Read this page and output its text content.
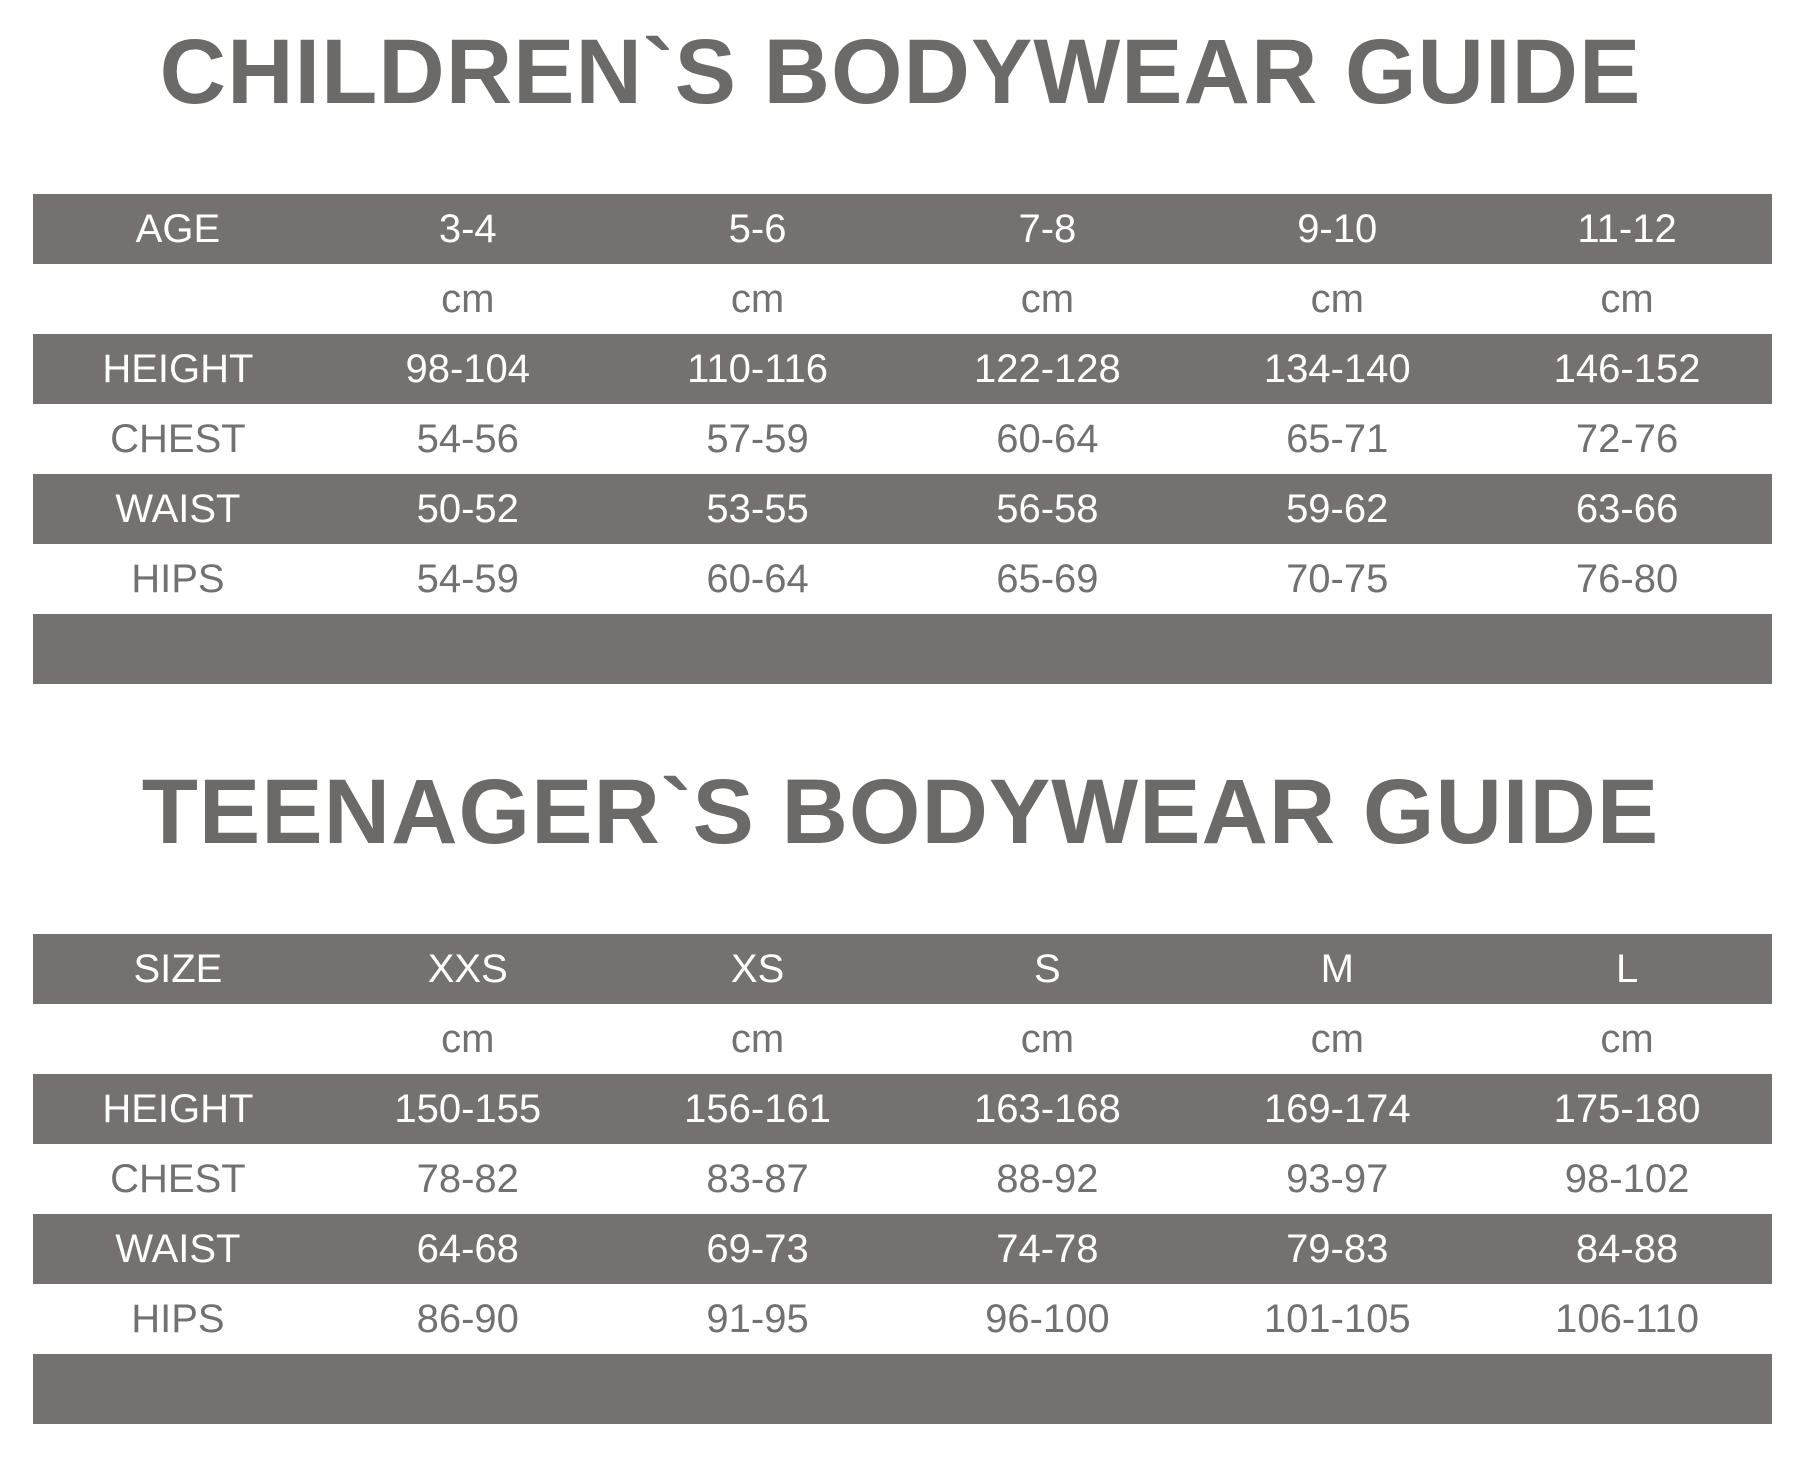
CHILDREN`S BODYWEAR GUIDE
AGE	3-4	5-6	7-8	9-10	11-12
	cm	cm	cm	cm	cm
HEIGHT	98-104	110-116	122-128	134-140	146-152
CHEST	54-56	57-59	60-64	65-71	72-76
WAIST	50-52	53-55	56-58	59-62	63-66
HIPS	54-59	60-64	65-69	70-75	76-80

TEENAGER`S BODYWEAR GUIDE
SIZE	XXS	XS	S	M	L
	cm	cm	cm	cm	cm
HEIGHT	150-155	156-161	163-168	169-174	175-180
CHEST	78-82	83-87	88-92	93-97	98-102
WAIST	64-68	69-73	74-78	79-83	84-88
HIPS	86-90	91-95	96-100	101-105	106-110
